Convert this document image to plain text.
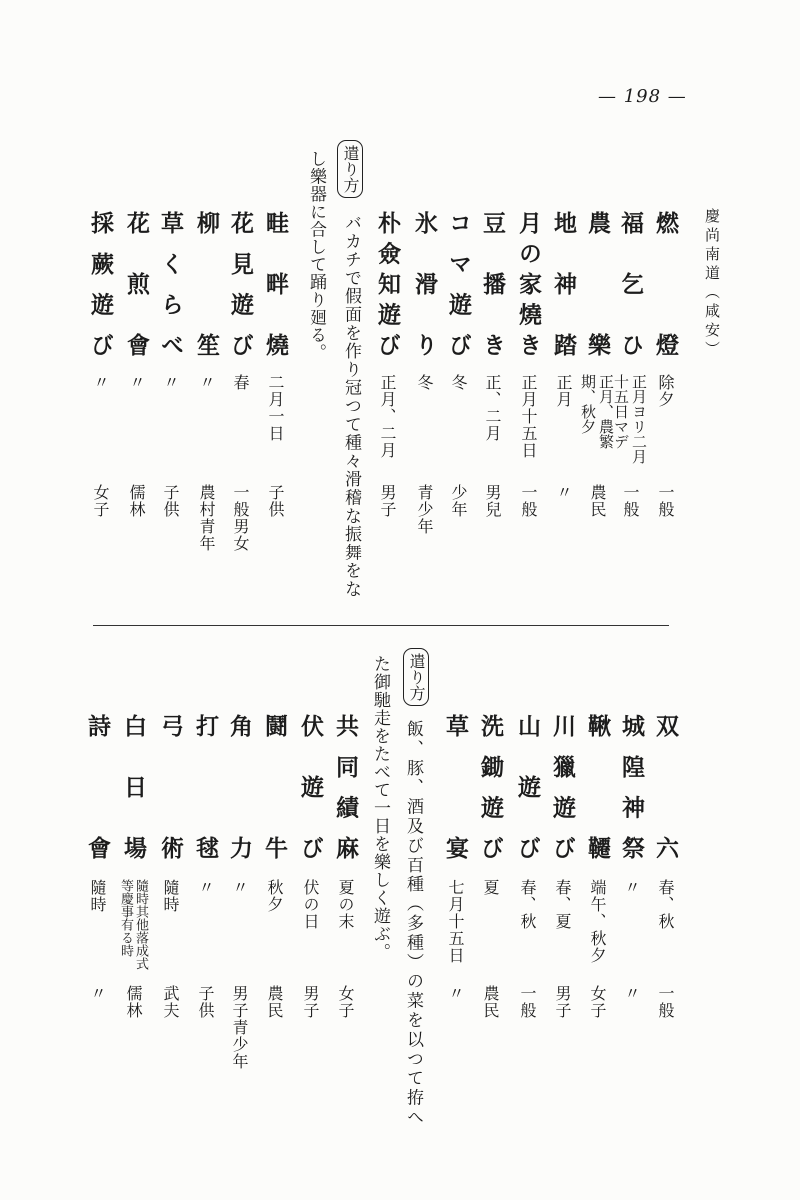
— 198 —
慶尚南道（咸安）
燃燈
除夕
一般
福乞ひ
正月ヨリ二月十五日マデ
一般
農樂
正月、農繁期、秋夕
農民
地神踏
正月
〃
月の家燒き
正月十五日
一般
豆播き
正、二月
男兒
コマ遊び
冬
少年
氷滑り
冬
青少年
朴僉知遊び
正月、二月
男子
遣り方
バカチで假面を作り冠つて種々滑稽な振舞をな
し樂器に合して踊り廻る。
畦畔燒
二月一日
子供
花見遊び
春
一般男女
柳笙
〃
農村青年
草くらべ
〃
子供
花煎會
〃
儒林
採蕨遊び
〃
女子
双六
春、秋
一般
城隍神祭
〃
〃
鞦韆
端午、秋夕
女子
川獵遊び
春、夏
男子
山遊び
春、秋
一般
洗鋤遊び
夏
農民
草宴
七月十五日
〃
遣り方
飯、豚、酒及び百種（多種）の菜を以つて拵へ
た御馳走をたべて一日を樂しく遊ぶ。
共同績麻
夏の末
女子
伏遊び
伏の日
男子
鬪牛
秋夕
農民
角力
〃
男子青少年
打毬
〃
子供
弓術
隨時
武夫
白日場
隨時其他落成式等慶事有る時
儒林
詩會
隨時
〃
